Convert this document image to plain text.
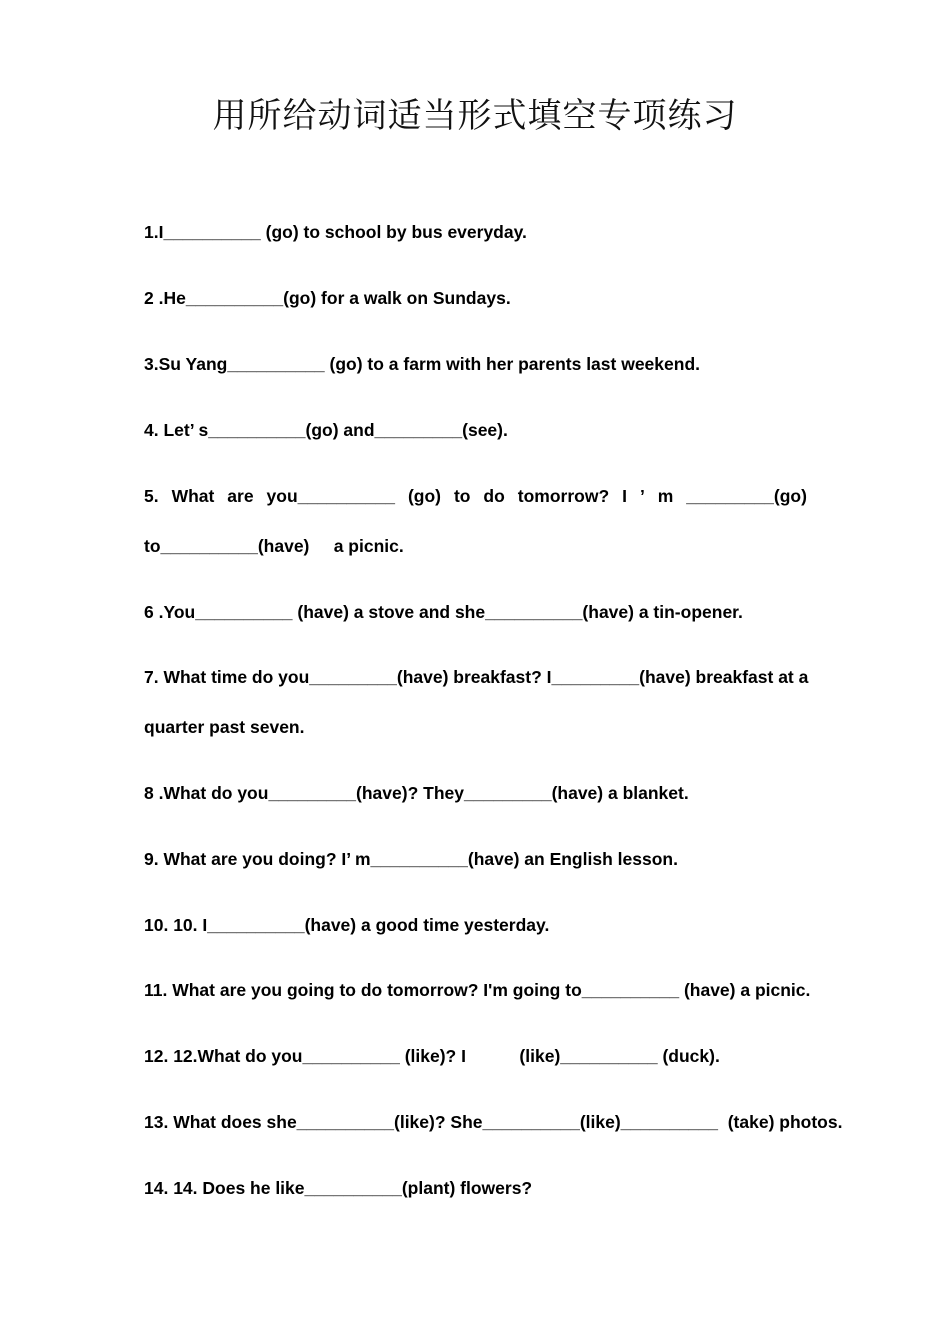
用所给动词适当形式填空专项练习
1.I__________ (go) to school by bus everyday.
2 .He__________(go) for a walk on Sundays.
3.Su Yang__________ (go) to a farm with her parents last weekend.
4. Let’ s__________(go) and_________(see).
5. What are you__________ (go) to do tomorrow? I ’ m _________(go)
to__________(have)     a picnic.
6 .You__________ (have) a stove and she__________(have) a tin-opener.
7. What time do you_________(have) breakfast? I_________(have) breakfast at a
quarter past seven.
8 .What do you_________(have)? They_________(have) a blanket.
9. What are you doing? I’ m__________(have) an English lesson.
10. 10. I__________(have) a good time yesterday.
11. What are you going to do tomorrow? I'm going to__________ (have) a picnic.
12. 12.What do you__________ (like)? I           (like)__________ (duck).
13. What does she__________(like)? She__________(like)__________  (take) photos.
14. 14. Does he like__________(plant) flowers?
